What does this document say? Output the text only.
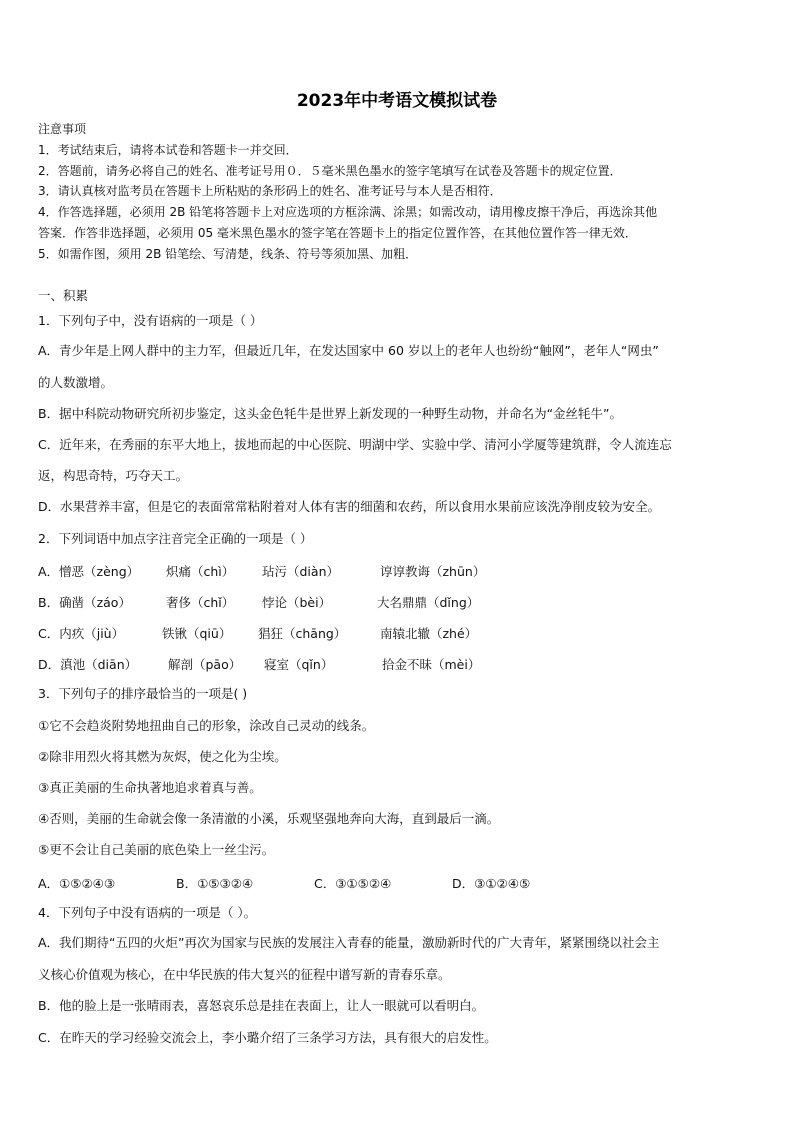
2023年中考语文模拟试卷
注意事项
1．考试结束后，请将本试卷和答题卡一并交回．
2．答题前，请务必将自己的姓名、准考证号用０．５毫米黑色墨水的签字笔填写在试卷及答题卡的规定位置．
3．请认真核对监考员在答题卡上所粘贴的条形码上的姓名、准考证号与本人是否相符．
4．作答选择题，必须用 2B 铅笔将答题卡上对应选项的方框涂满、涂黑；如需改动，请用橡皮擦干净后，再选涂其他
答案．作答非选择题，必须用 05 毫米黑色墨水的签字笔在答题卡上的指定位置作答，在其他位置作答一律无效．
5．如需作图，须用 2B 铅笔绘、写清楚，线条、符号等须加黑、加粗．
一、积累
1．下列句子中，没有语病的一项是（ ）
A．青少年是上网人群中的主力军，但最近几年，在发达国家中 60 岁以上的老年人也纷纷“触网”，老年人“网虫”
的人数激增。
B．据中科院动物研究所初步鉴定，这头金色牦牛是世界上新发现的一种野生动物，并命名为“金丝牦牛”。
C．近年来，在秀丽的东平大地上，拔地而起的中心医院、明湖中学、实验中学、清河小学厦等建筑群，令人流连忘
返，构思奇特，巧夺天工。
D．水果营养丰富，但是它的表面常常粘附着对人体有害的细菌和农药，所以食用水果前应该洗净削皮较为安全。
2．下列词语中加点字注音完全正确的一项是（ ）
A．憎恶（zèng） 炽痛（chì） 玷污（diàn）	谆谆教诲（zhūn）
B．确凿（záo）	奢侈（chǐ） 悖论（bèi）	大名鼎鼎（dǐng）
C．内疚（jiù）	铁锹（qiū） 猖狂（chāng）	南辕北辙（zhé）
D．滇池（diān） 解剖（pāo） 寝室（qǐn）	拾金不昧（mèi）
3．下列句子的排序最恰当的一项是( )
①它不会趋炎附势地扭曲自己的形象，涂改自己灵动的线条。
②除非用烈火将其燃为灰烬，使之化为尘埃。
③真正美丽的生命执著地追求着真与善。
④否则，美丽的生命就会像一条清澈的小溪，乐观坚强地奔向大海，直到最后一滴。
⑤更不会让自己美丽的底色染上一丝尘污。
A．①⑤②④③	B．①⑤③②④	C．③①⑤②④	D．③①②④⑤
4．下列句子中没有语病的一项是（ ）。
A．我们期待“五四的火炬”再次为国家与民族的发展注入青春的能量，激励新时代的广大青年，紧紧围绕以社会主
义核心价值观为核心，在中华民族的伟大复兴的征程中谱写新的青春乐章。
B．他的脸上是一张晴雨表，喜怒哀乐总是挂在表面上，让人一眼就可以看明白。
C．在昨天的学习经验交流会上，李小璐介绍了三条学习方法，具有很大的启发性。
